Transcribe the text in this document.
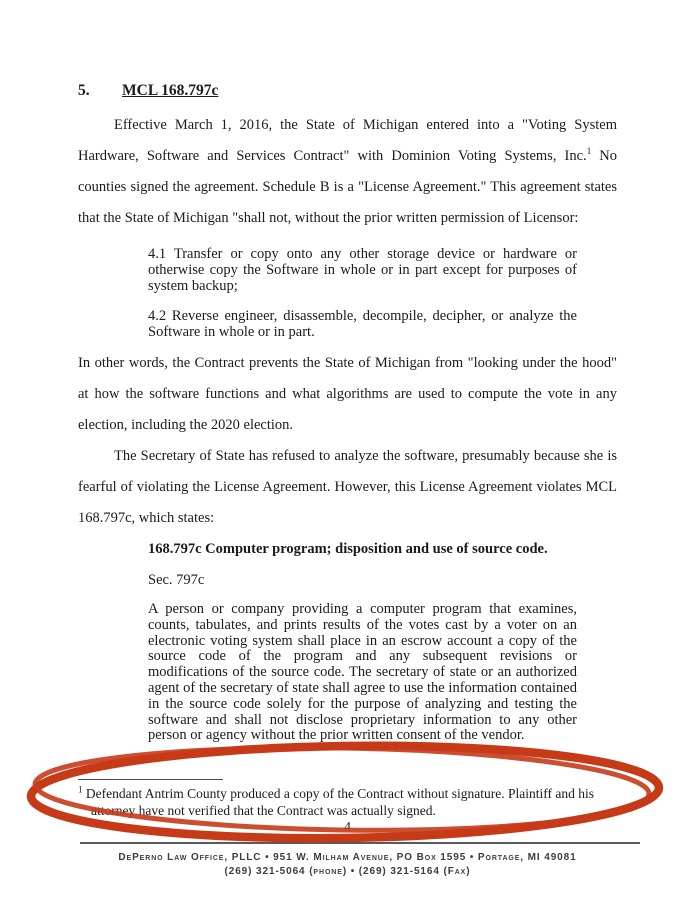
5. MCL 168.797c

Effective March 1, 2016, the State of Michigan entered into a "Voting System Hardware, Software and Services Contract" with Dominion Voting Systems, Inc.$^1$ No counties signed the agreement. Schedule B is a "License Agreement." This agreement states that the State of Michigan "shall not, without the prior written permission of Licensor:

4.1 Transfer or copy onto any other storage device or hardware or otherwise copy the Software in whole or in part except for purposes of system backup;
4.2 Reverse engineer, disassemble, decompile, decipher, or analyze the Software in whole or in part.

In other words, the Contract prevents the State of Michigan from "looking under the hood" at how the software functions and what algorithms are used to compute the vote in any election, including the 2020 election.

The Secretary of State has refused to analyze the software, presumably because she is fearful of violating the License Agreement. However, this License Agreement violates MCL 168.797c, which states:

168.797c Computer program; disposition and use of source code.
Sec. 797c
A person or company providing a computer program that examines, counts, tabulates, and prints results of the votes cast by a voter on an electronic voting system shall place in an escrow account a copy of the source code of the program and any subsequent revisions or modifications of the source code. The secretary of state or an authorized agent of the secretary of state shall agree to use the information contained in the source code solely for the purpose of analyzing and testing the software and shall not disclose proprietary information to any other person or agency without the prior written consent of the vendor.
$^1$ Defendant Antrim County produced a copy of the Contract without signature. Plaintiff and his attorney have not verified that the Contract was actually signed.
4
DePerno Law Office, PLLC • 951 W. Milham Avenue, PO Box 1595 • Portage, MI 49081
(269) 321-5064 (phone) • (269) 321-5164 (Fax)
